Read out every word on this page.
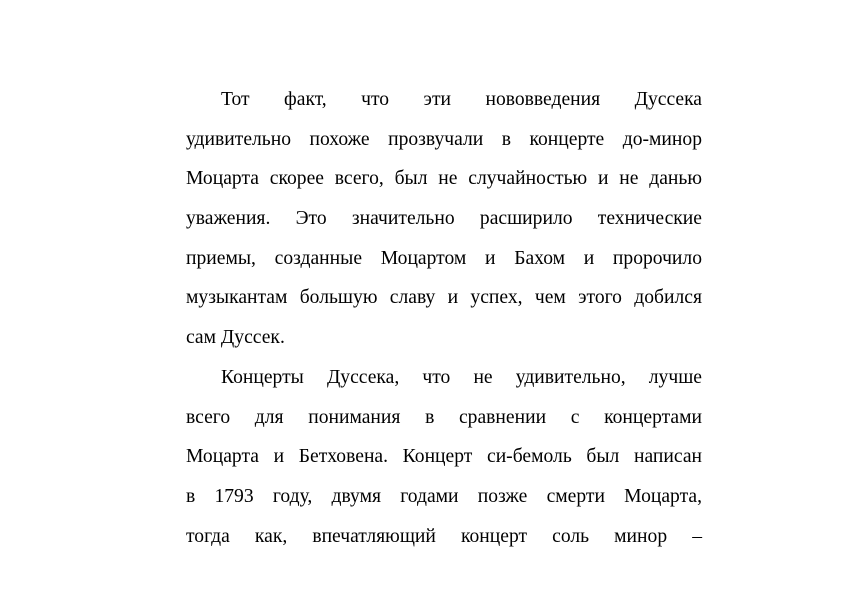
Тот факт, что эти нововведения Дуссека
удивительно похоже прозвучали в концерте до-минор
Моцарта скорее всего, был не случайностью и не данью
уважения. Это значительно расширило технические
приемы, созданные Моцартом и Бахом и пророчило
музыкантам большую славу и успех, чем этого добился
сам Дуссек.
Концерты Дуссека, что не удивительно, лучше
всего для понимания в сравнении с концертами
Моцарта и Бетховена. Концерт си-бемоль был написан
в 1793 году, двумя годами позже смерти Моцарта,
тогда как, впечатляющий концерт соль минор –
